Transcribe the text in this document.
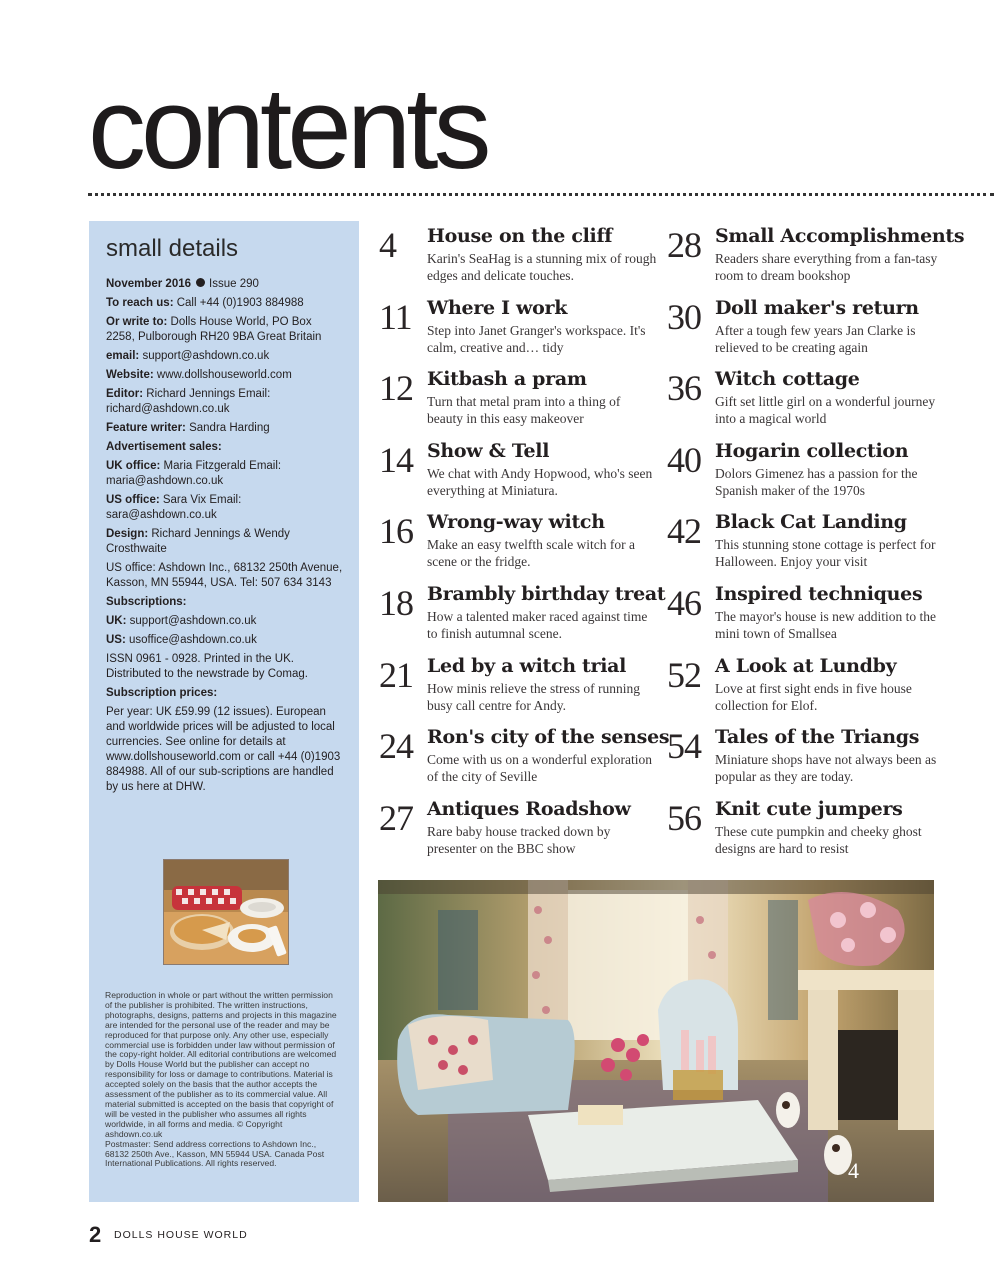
contents
small details
November 2016 Issue 290
To reach us: Call +44 (0)1903 884988
Or write to: Dolls House World, PO Box 2258, Pulborough RH20 9BA Great Britain
email: support@ashdown.co.uk
Website: www.dollshouseworld.com
Editor: Richard Jennings Email: richard@ashdown.co.uk
Feature writer: Sandra Harding
Advertisement sales:
UK office: Maria Fitzgerald Email: maria@ashdown.co.uk
US office: Sara Vix Email: sara@ashdown.co.uk
Design: Richard Jennings & Wendy Crosthwaite
US office: Ashdown Inc., 68132 250th Avenue, Kasson, MN 55944, USA. Tel: 507 634 3143
Subscriptions:
UK: support@ashdown.co.uk
US: usoffice@ashdown.co.uk
ISSN 0961 - 0928. Printed in the UK. Distributed to the newstrade by Comag.
Subscription prices:
Per year: UK £59.99 (12 issues). European and worldwide prices will be adjusted to local currencies. See online for details at www.dollshouseworld.com or call +44 (0)1903 884988. All of our sub-scriptions are handled by us here at DHW.
Reproduction in whole or part without the written permission of the publisher is prohibited. The written instructions, photographs, designs, patterns and projects in this magazine are intended for the personal use of the reader and may be reproduced for that purpose only. Any other use, especially commercial use is forbidden under law without permission of the copy-right holder. All editorial contributions are welcomed by Dolls House World but the publisher can accept no responsibility for loss or damage to contributions. Material is accepted solely on the basis that the author accepts the assessment of the publisher as to its commercial value. All material submitted is accepted on the basis that copyright of will be vested in the publisher who assumes all rights worldwide, in all forms and media. © Copyright ashdown.co.uk
Postmaster: Send address corrections to Ashdown Inc., 68132 250th Ave., Kasson, MN 55944 USA. Canada Post International Publications. All rights reserved.
4 House on the cliff
Karin's SeaHag is a stunning mix of rough edges and delicate touches.
11 Where I work
Step into Janet Granger's workspace. It's calm, creative and… tidy
12 Kitbash a pram
Turn that metal pram into a thing of beauty in this easy makeover
14 Show & Tell
We chat with Andy Hopwood, who's seen everything at Miniatura.
16 Wrong-way witch
Make an easy twelfth scale witch for a scene or the fridge.
18 Brambly birthday treat
How a talented maker raced against time to finish autumnal scene.
21 Led by a witch trial
How minis relieve the stress of running busy call centre for Andy.
24 Ron's city of the senses
Come with us on a wonderful exploration of the city of Seville
27 Antiques Roadshow
Rare baby house tracked down by presenter on the BBC show
28 Small Accomplishments
Readers share everything from a fan-tasy room to dream bookshop
30 Doll maker's return
After a tough few years Jan Clarke is relieved to be creating again
36 Witch cottage
Gift set little girl on a wonderful journey into a magical world
40 Hogarin collection
Dolors Gimenez has a passion for the Spanish maker of the 1970s
42 Black Cat Landing
This stunning stone cottage is perfect for Halloween. Enjoy your visit
46 Inspired techniques
The mayor's house is new addition to the mini town of Smallsea
52 A Look at Lundby
Love at first sight ends in five house collection for Elof.
54 Tales of the Triangs
Miniature shops have not always been as popular as they are today.
56 Knit cute jumpers
These cute pumpkin and cheeky ghost designs are hard to resist
4
2 DOLLS HOUSE WORLD
